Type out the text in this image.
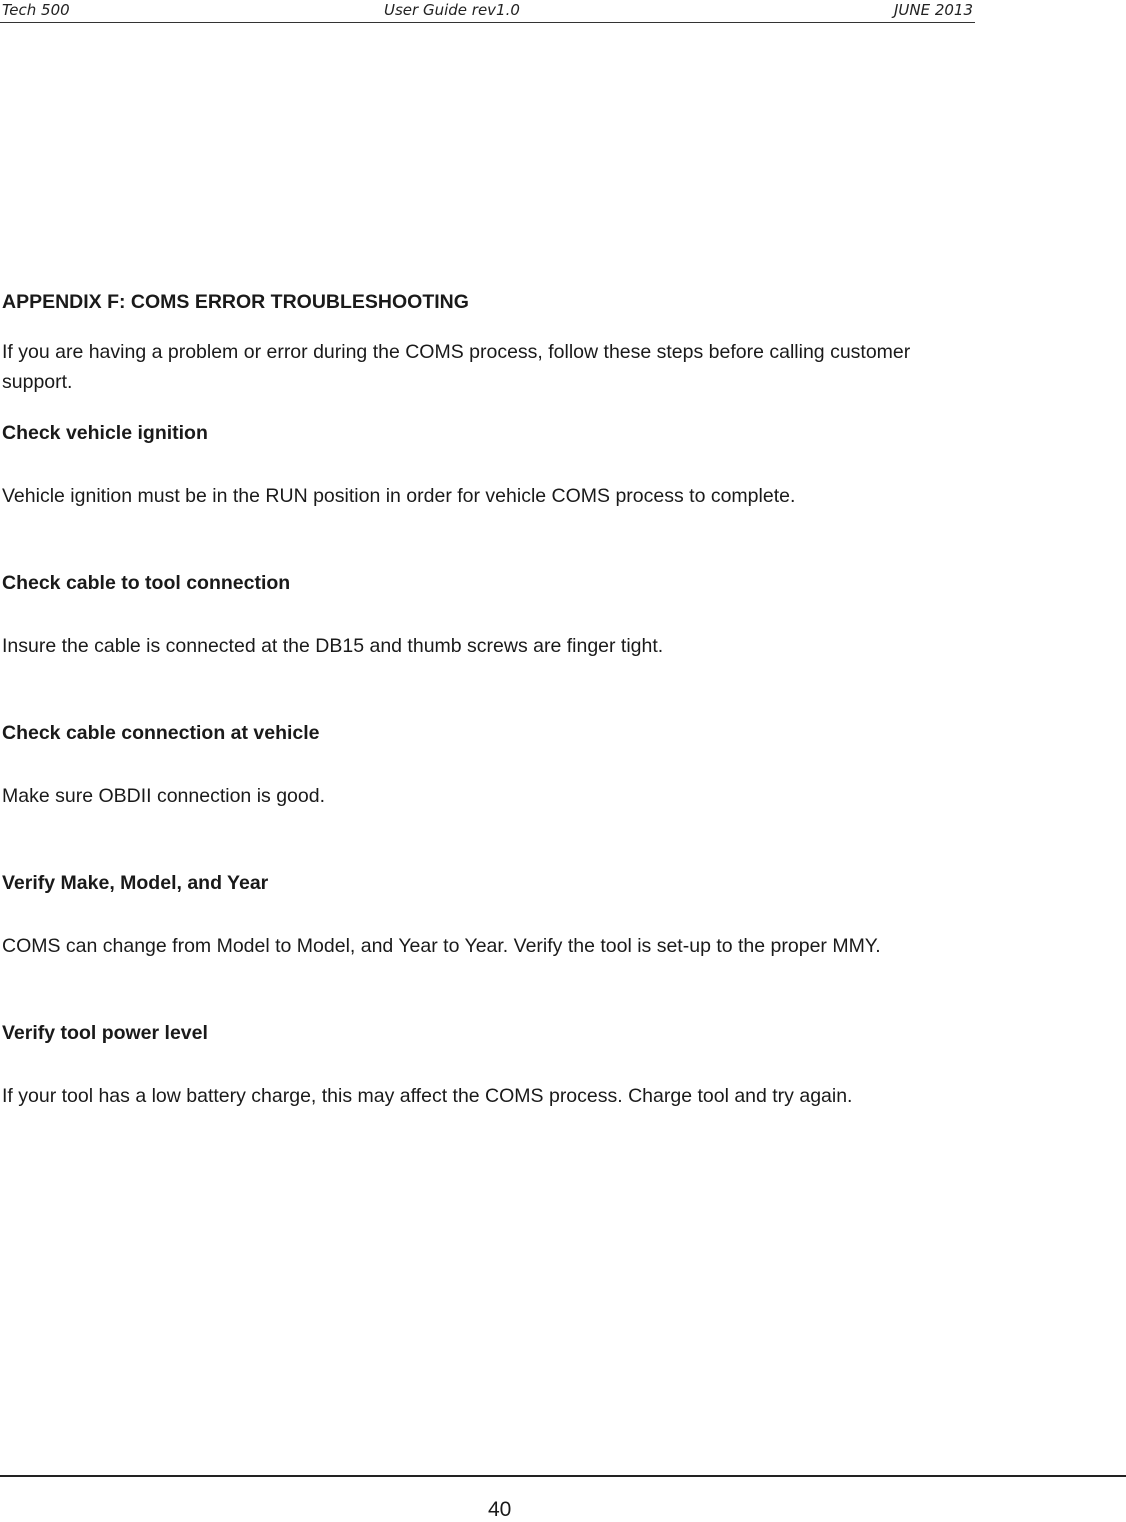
Tech 500	User Guide rev1.0	JUNE 2013
APPENDIX F: COMS ERROR TROUBLESHOOTING

If you are having a problem or error during the COMS process, follow these steps before calling customer support.

Check vehicle ignition

Vehicle ignition must be in the RUN position in order for vehicle COMS process to complete.

Check cable to tool connection

Insure the cable is connected at the DB15 and thumb screws are finger tight.

Check cable connection at vehicle

Make sure OBDII connection is good.

Verify Make, Model, and Year

COMS can change from Model to Model, and Year to Year. Verify the tool is set-up to the proper MMY.

Verify tool power level

If your tool has a low battery charge, this may affect the COMS process. Charge tool and try again.

40
